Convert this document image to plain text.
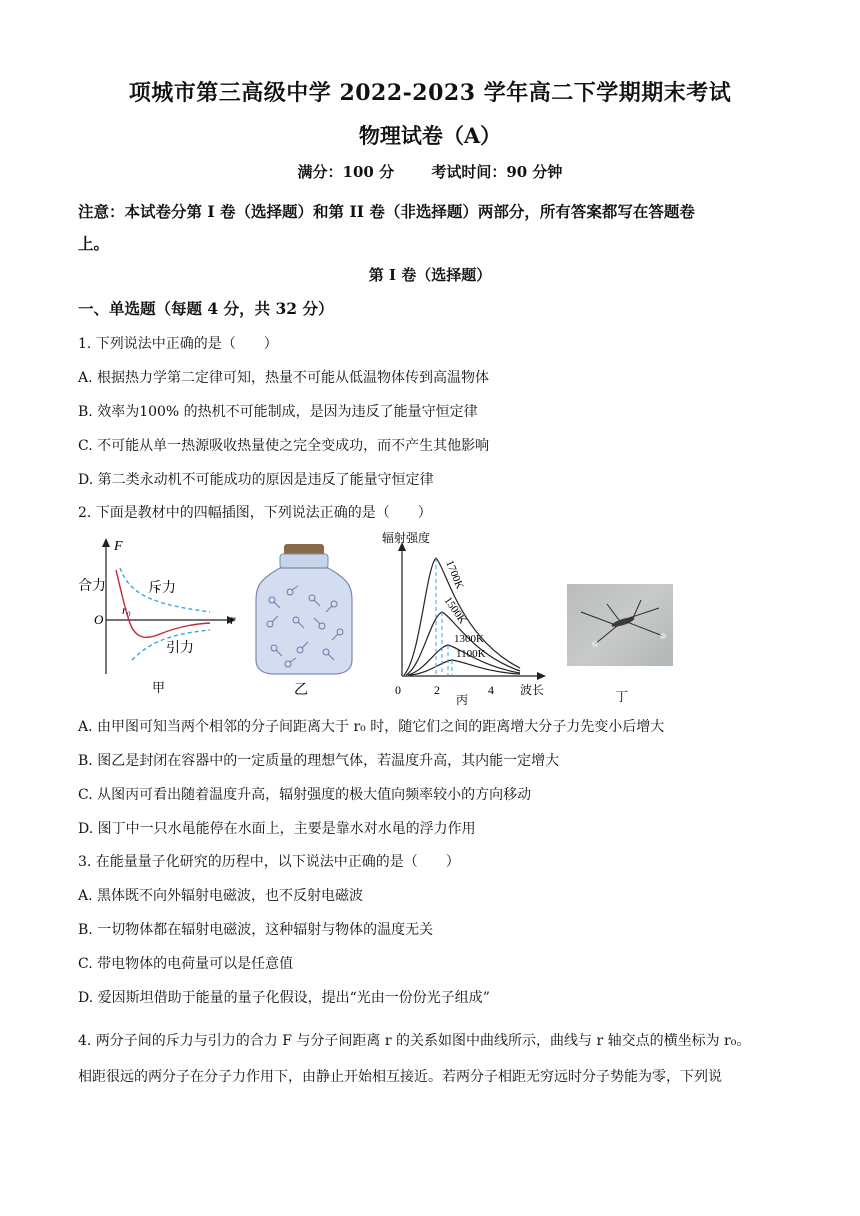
项城市第三高级中学 2022-2023 学年高二下学期期末考试
物理试卷（A）
满分：100 分 考试时间：90 分钟
注意：本试卷分第 I 卷（选择题）和第 II 卷（非选择题）两部分，所有答案都写在答题卷
上。
第 I 卷（选择题）
一、单选题（每题 4 分，共 32 分）
1. 下列说法中正确的是（　　）
A. 根据热力学第二定律可知，热量不可能从低温物体传到高温物体
B. 效率为100% 的热机不可能制成，是因为违反了能量守恒定律
C. 不可能从单一热源吸收热量使之完全变成功，而不产生其他影响
D. 第二类永动机不可能成功的原因是违反了能量守恒定律
2. 下面是教材中的四幅插图，下列说法正确的是（　　）
F
r
O
r₀
合力	斥力
引力
甲	乙
辐射强度
波长
0	2	4
1700K
1500K
1300K
1100K
丙	丁
A. 由甲图可知当两个相邻的分子间距离大于 r₀ 时，随它们之间的距离增大分子力先变小后增大
B. 图乙是封闭在容器中的一定质量的理想气体，若温度升高，其内能一定增大
C. 从图丙可看出随着温度升高，辐射强度的极大值向频率较小的方向移动
D. 图丁中一只水黾能停在水面上，主要是靠水对水黾的浮力作用
3. 在能量量子化研究的历程中，以下说法中正确的是（　　）
A. 黑体既不向外辐射电磁波，也不反射电磁波
B. 一切物体都在辐射电磁波，这种辐射与物体的温度无关
C. 带电物体的电荷量可以是任意值
D. 爱因斯坦借助于能量的量子化假设，提出“光由一份份光子组成”
4. 两分子间的斥力与引力的合力 F 与分子间距离 r 的关系如图中曲线所示，曲线与 r 轴交点的横坐标为 r₀。
相距很远的两分子在分子力作用下，由静止开始相互接近。若两分子相距无穷远时分子势能为零，下列说
